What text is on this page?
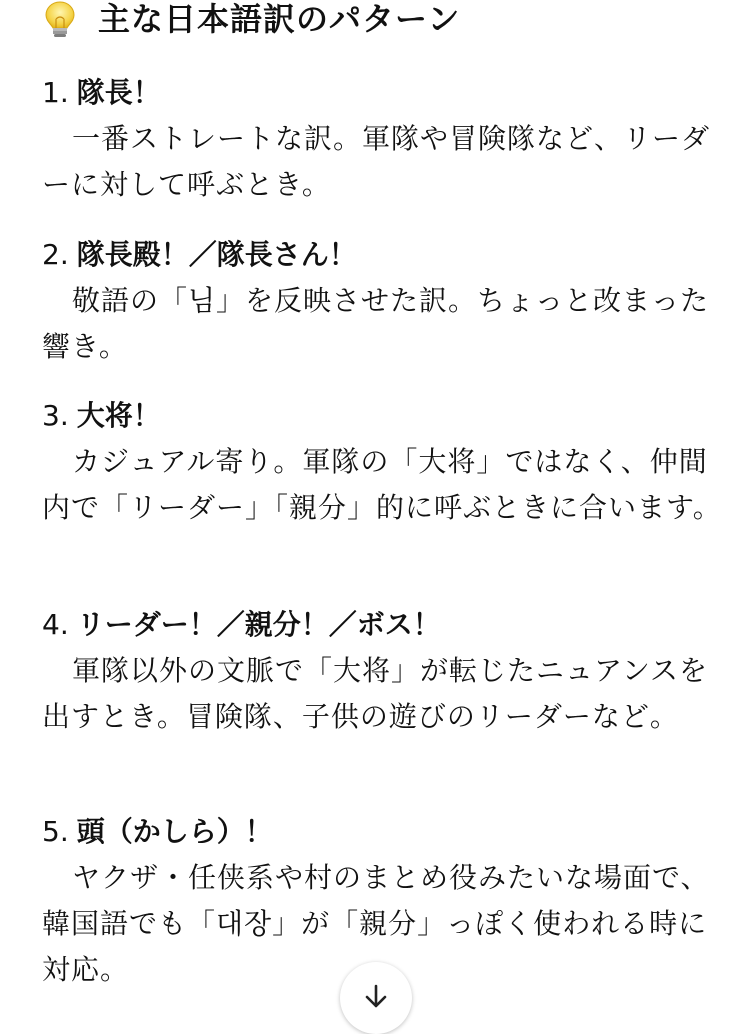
主な日本語訳のパターン
1. 隊長！
一番ストレートな訳。軍隊や冒険隊など、リーダーに対して呼ぶとき。
2. 隊長殿！／隊長さん！
敬語の「님」を反映させた訳。ちょっと改まった響き。
3. 大将！
カジュアル寄り。軍隊の「大将」ではなく、仲間内で「リーダー」「親分」的に呼ぶときに合います。
4. リーダー！／親分！／ボス！
軍隊以外の文脈で「大将」が転じたニュアンスを出すとき。冒険隊、子供の遊びのリーダーなど。
5. 頭（かしら）！
ヤクザ・任侠系や村のまとめ役みたいな場面で、韓国語でも「대장」が「親分」っぽく使われる時に対応。
